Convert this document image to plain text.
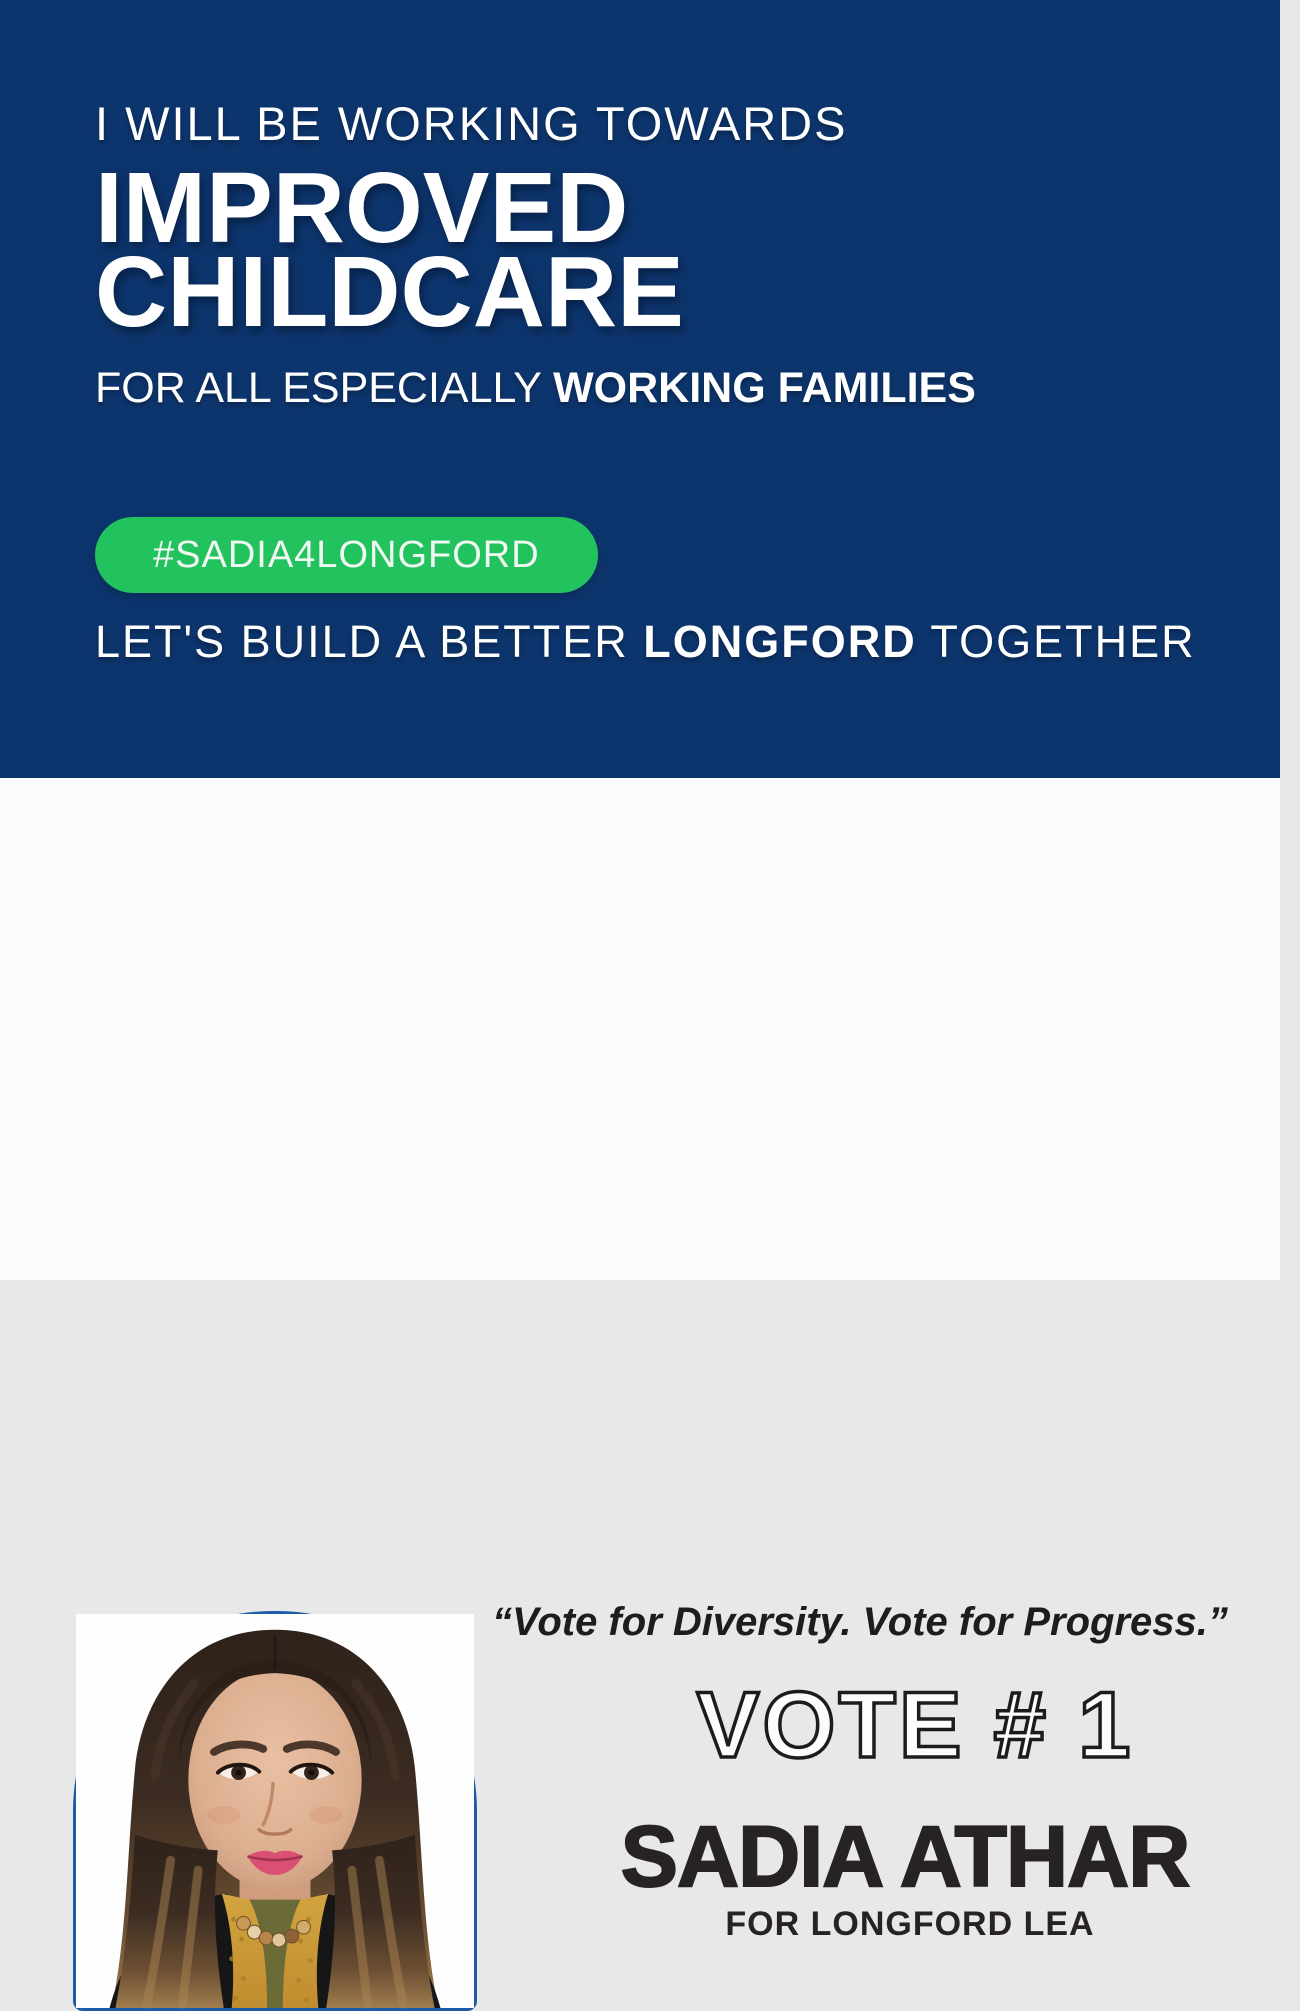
I WILL BE WORKING TOWARDS
IMPROVED
CHILDCARE
FOR ALL ESPECIALLY WORKING FAMILIES
#SADIA4LONGFORD
LET'S BUILD A BETTER LONGFORD TOGETHER
“Vote for Diversity. Vote for Progress.”
VOTE # 1
SADIA ATHAR
FOR LONGFORD LEA
